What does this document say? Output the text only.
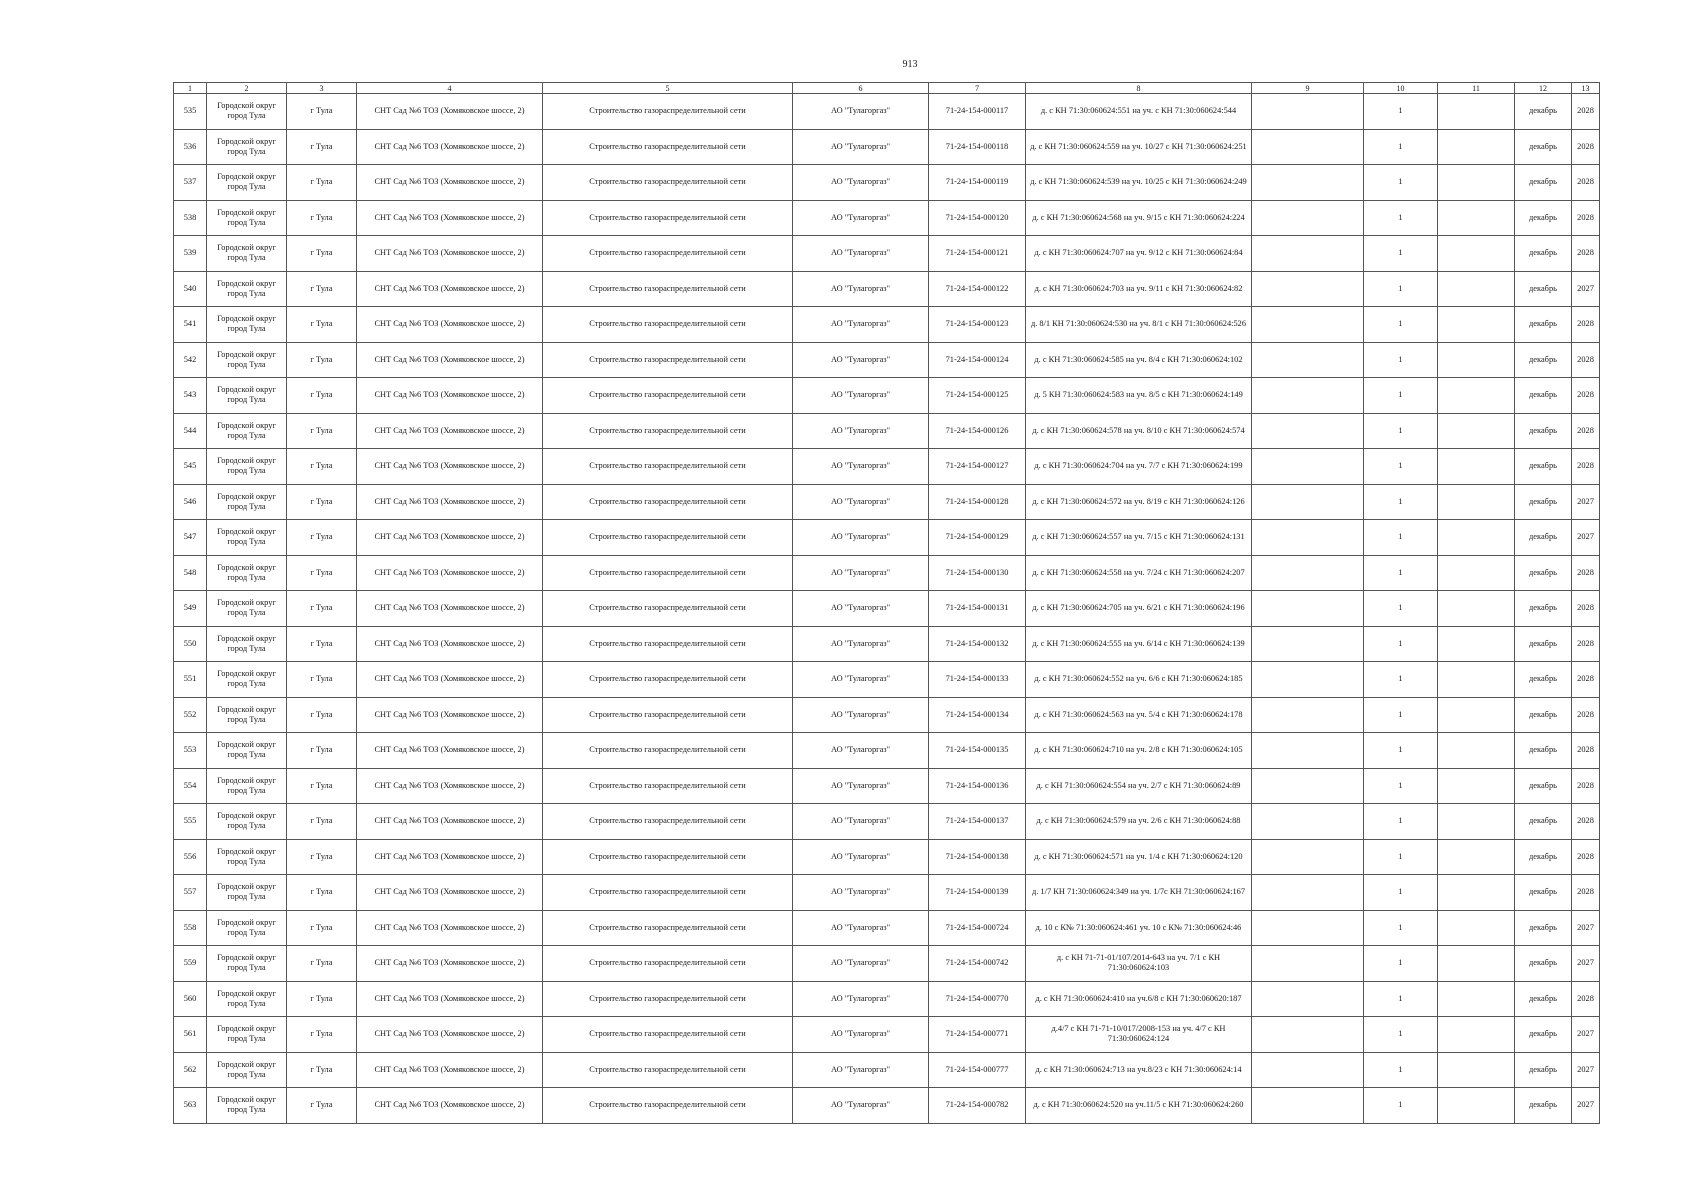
913
1	2	3	4	5	6	7	8	9	10	11	12	13
535	Городской округ город Тула	г Тула	СНТ Сад №6 ТОЗ (Хомяковское шоссе, 2)	Строительство газораспределительной сети	АО "Тулагоргаз"	71-24-154-000117	д. с КН 71:30:060624:551 на уч. с КН 71:30:060624:544		1		декабрь	2028
536	Городской округ город Тула	г Тула	СНТ Сад №6 ТОЗ (Хомяковское шоссе, 2)	Строительство газораспределительной сети	АО "Тулагоргаз"	71-24-154-000118	д. с КН 71:30:060624:559 на уч. 10/27 с КН 71:30:060624:251		1		декабрь	2028
537	Городской округ город Тула	г Тула	СНТ Сад №6 ТОЗ (Хомяковское шоссе, 2)	Строительство газораспределительной сети	АО "Тулагоргаз"	71-24-154-000119	д. с КН 71:30:060624:539 на уч. 10/25 с КН 71:30:060624:249		1		декабрь	2028
538	Городской округ город Тула	г Тула	СНТ Сад №6 ТОЗ (Хомяковское шоссе, 2)	Строительство газораспределительной сети	АО "Тулагоргаз"	71-24-154-000120	д. с КН 71:30:060624:568 на уч. 9/15 с КН 71:30:060624:224		1		декабрь	2028
539	Городской округ город Тула	г Тула	СНТ Сад №6 ТОЗ (Хомяковское шоссе, 2)	Строительство газораспределительной сети	АО "Тулагоргаз"	71-24-154-000121	д. с КН 71:30:060624:707 на уч. 9/12 с КН 71:30:060624:84		1		декабрь	2028
540	Городской округ город Тула	г Тула	СНТ Сад №6 ТОЗ (Хомяковское шоссе, 2)	Строительство газораспределительной сети	АО "Тулагоргаз"	71-24-154-000122	д. с КН 71:30:060624:703 на уч. 9/11 с КН 71:30:060624:82		1		декабрь	2027
541	Городской округ город Тула	г Тула	СНТ Сад №6 ТОЗ (Хомяковское шоссе, 2)	Строительство газораспределительной сети	АО "Тулагоргаз"	71-24-154-000123	д. 8/1 КН 71:30:060624:530 на уч. 8/1 с КН 71:30:060624:526		1		декабрь	2028
542	Городской округ город Тула	г Тула	СНТ Сад №6 ТОЗ (Хомяковское шоссе, 2)	Строительство газораспределительной сети	АО "Тулагоргаз"	71-24-154-000124	д. с КН 71:30:060624:585 на уч. 8/4 с КН 71:30:060624:102		1		декабрь	2028
543	Городской округ город Тула	г Тула	СНТ Сад №6 ТОЗ (Хомяковское шоссе, 2)	Строительство газораспределительной сети	АО "Тулагоргаз"	71-24-154-000125	д. 5 КН 71:30:060624:583 на уч. 8/5 с КН 71:30:060624:149		1		декабрь	2028
544	Городской округ город Тула	г Тула	СНТ Сад №6 ТОЗ (Хомяковское шоссе, 2)	Строительство газораспределительной сети	АО "Тулагоргаз"	71-24-154-000126	д. с КН 71:30:060624:578 на уч. 8/10 с КН 71:30:060624:574		1		декабрь	2028
545	Городской округ город Тула	г Тула	СНТ Сад №6 ТОЗ (Хомяковское шоссе, 2)	Строительство газораспределительной сети	АО "Тулагоргаз"	71-24-154-000127	д. с КН 71:30:060624:704 на уч. 7/7 с КН 71:30:060624:199		1		декабрь	2028
546	Городской округ город Тула	г Тула	СНТ Сад №6 ТОЗ (Хомяковское шоссе, 2)	Строительство газораспределительной сети	АО "Тулагоргаз"	71-24-154-000128	д. с КН 71:30:060624:572 на уч. 8/19 с КН 71:30:060624:126		1		декабрь	2027
547	Городской округ город Тула	г Тула	СНТ Сад №6 ТОЗ (Хомяковское шоссе, 2)	Строительство газораспределительной сети	АО "Тулагоргаз"	71-24-154-000129	д. с КН 71:30:060624:557 на уч. 7/15 с КН 71:30:060624:131		1		декабрь	2027
548	Городской округ город Тула	г Тула	СНТ Сад №6 ТОЗ (Хомяковское шоссе, 2)	Строительство газораспределительной сети	АО "Тулагоргаз"	71-24-154-000130	д. с КН 71:30:060624:558 на уч. 7/24 с КН 71:30:060624:207		1		декабрь	2028
549	Городской округ город Тула	г Тула	СНТ Сад №6 ТОЗ (Хомяковское шоссе, 2)	Строительство газораспределительной сети	АО "Тулагоргаз"	71-24-154-000131	д. с КН 71:30:060624:705 на уч. 6/21 с КН 71:30:060624:196		1		декабрь	2028
550	Городской округ город Тула	г Тула	СНТ Сад №6 ТОЗ (Хомяковское шоссе, 2)	Строительство газораспределительной сети	АО "Тулагоргаз"	71-24-154-000132	д. с КН 71:30:060624:555 на уч. 6/14 с КН 71:30:060624:139		1		декабрь	2028
551	Городской округ город Тула	г Тула	СНТ Сад №6 ТОЗ (Хомяковское шоссе, 2)	Строительство газораспределительной сети	АО "Тулагоргаз"	71-24-154-000133	д. с КН 71:30:060624:552 на уч. 6/6 с КН 71:30:060624:185		1		декабрь	2028
552	Городской округ город Тула	г Тула	СНТ Сад №6 ТОЗ (Хомяковское шоссе, 2)	Строительство газораспределительной сети	АО "Тулагоргаз"	71-24-154-000134	д. с КН 71:30:060624:563 на уч. 5/4 с КН 71:30:060624:178		1		декабрь	2028
553	Городской округ город Тула	г Тула	СНТ Сад №6 ТОЗ (Хомяковское шоссе, 2)	Строительство газораспределительной сети	АО "Тулагоргаз"	71-24-154-000135	д. с КН 71:30:060624:710 на уч. 2/8 с КН 71:30:060624:105		1		декабрь	2028
554	Городской округ город Тула	г Тула	СНТ Сад №6 ТОЗ (Хомяковское шоссе, 2)	Строительство газораспределительной сети	АО "Тулагоргаз"	71-24-154-000136	д. с КН 71:30:060624:554 на уч. 2/7 с КН 71:30:060624:89		1		декабрь	2028
555	Городской округ город Тула	г Тула	СНТ Сад №6 ТОЗ (Хомяковское шоссе, 2)	Строительство газораспределительной сети	АО "Тулагоргаз"	71-24-154-000137	д. с КН 71:30:060624:579 на уч. 2/6 с КН 71:30:060624:88		1		декабрь	2028
556	Городской округ город Тула	г Тула	СНТ Сад №6 ТОЗ (Хомяковское шоссе, 2)	Строительство газораспределительной сети	АО "Тулагоргаз"	71-24-154-000138	д. с КН 71:30:060624:571 на уч. 1/4 с КН 71:30:060624:120		1		декабрь	2028
557	Городской округ город Тула	г Тула	СНТ Сад №6 ТОЗ (Хомяковское шоссе, 2)	Строительство газораспределительной сети	АО "Тулагоргаз"	71-24-154-000139	д. 1/7 КН 71:30:060624:349 на уч. 1/7с КН 71:30:060624:167		1		декабрь	2028
558	Городской округ город Тула	г Тула	СНТ Сад №6 ТОЗ (Хомяковское шоссе, 2)	Строительство газораспределительной сети	АО "Тулагоргаз"	71-24-154-000724	д. 10 с К№ 71:30:060624:461 уч. 10 с К№ 71:30:060624:46		1		декабрь	2027
559	Городской округ город Тула	г Тула	СНТ Сад №6 ТОЗ (Хомяковское шоссе, 2)	Строительство газораспределительной сети	АО "Тулагоргаз"	71-24-154-000742	д. с КН 71-71-01/107/2014-643 на уч. 7/1 с КН 71:30:060624:103		1		декабрь	2027
560	Городской округ город Тула	г Тула	СНТ Сад №6 ТОЗ (Хомяковское шоссе, 2)	Строительство газораспределительной сети	АО "Тулагоргаз"	71-24-154-000770	д. с КН 71:30:060624:410 на уч.6/8 с КН 71:30:060620:187		1		декабрь	2028
561	Городской округ город Тула	г Тула	СНТ Сад №6 ТОЗ (Хомяковское шоссе, 2)	Строительство газораспределительной сети	АО "Тулагоргаз"	71-24-154-000771	д.4/7 с КН 71-71-10/017/2008-153 на уч. 4/7 с КН 71:30:060624:124		1		декабрь	2027
562	Городской округ город Тула	г Тула	СНТ Сад №6 ТОЗ (Хомяковское шоссе, 2)	Строительство газораспределительной сети	АО "Тулагоргаз"	71-24-154-000777	д. с КН 71:30:060624:713 на уч.8/23 с КН 71:30:060624:14		1		декабрь	2027
563	Городской округ город Тула	г Тула	СНТ Сад №6 ТОЗ (Хомяковское шоссе, 2)	Строительство газораспределительной сети	АО "Тулагоргаз"	71-24-154-000782	д. с КН 71:30:060624:520 на уч.11/5 с КН 71:30:060624:260		1		декабрь	2027
